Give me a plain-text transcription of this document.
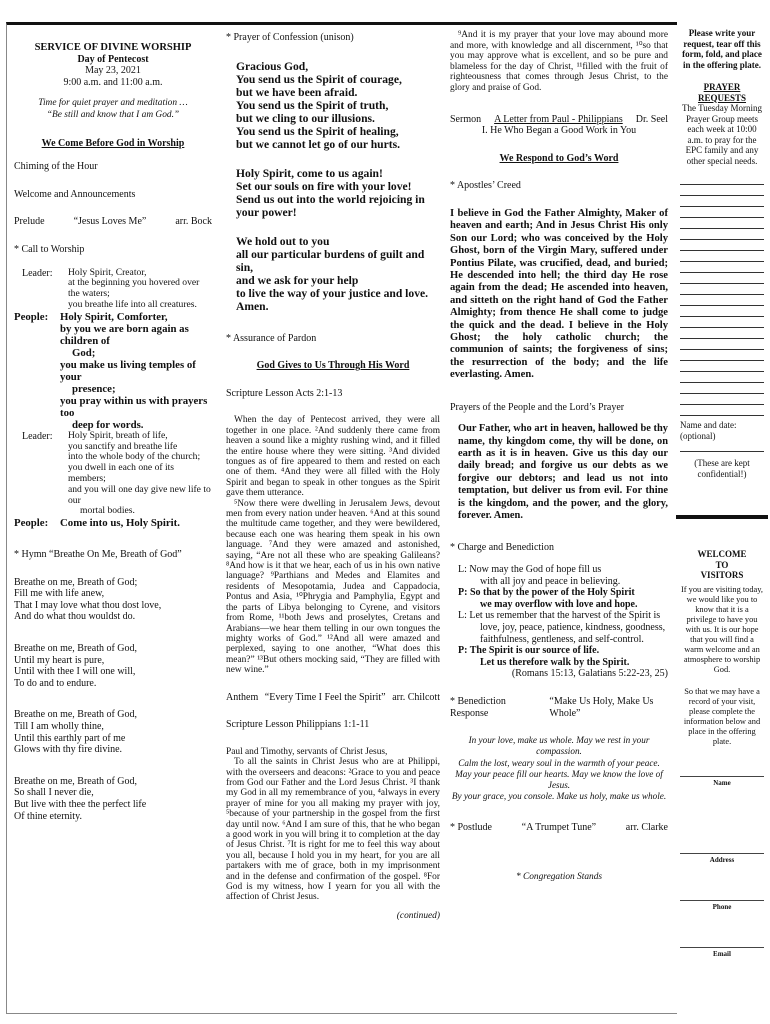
SERVICE OF DIVINE WORSHIP
Day of Pentecost
May 23, 2021
9:00 a.m. and 11:00 a.m.
Time for quiet prayer and meditation …
“Be still and know that I am God.”
We Come Before God in Worship
Chiming of the Hour
Welcome and Announcements
Prelude	“Jesus Loves Me”	arr. Bock
* Call to Worship
Leader:	Holy Spirit, Creator,
at the beginning you hovered over the waters;
you breathe life into all creatures.
People:	Holy Spirit, Comforter,
by you we are born again as children of
God;
you make us living temples of your
presence;
you pray within us with prayers too
deep for words.
Leader:	Holy Spirit, breath of life,
you sanctify and breathe life
into the whole body of the church;
you dwell in each one of its members;
and you will one day give new life to our
mortal bodies.
People:	Come into us, Holy Spirit.
* Hymn “Breathe On Me, Breath of God”
Breathe on me, Breath of God;
Fill me with life anew,
That I may love what thou dost love,
And do what thou wouldst do.
Breathe on me, Breath of God,
Until my heart is pure,
Until with thee I will one will,
To do and to endure.
Breathe on me, Breath of God,
Till I am wholly thine,
Until this earthly part of me
Glows with thy fire divine.
Breathe on me, Breath of God,
So shall I never die,
But live with thee the perfect life
Of thine eternity.
* Prayer of Confession (unison)
Gracious God,
You send us the Spirit of courage,
but we have been afraid.
You send us the Spirit of truth,
but we cling to our illusions.
You send us the Spirit of healing,
but we cannot let go of our hurts.
Holy Spirit, come to us again!
Set our souls on fire with your love!
Send us out into the world rejoicing in your power!
We hold out to you
all our particular burdens of guilt and sin,
and we ask for your help
to live the way of your justice and love. Amen.
* Assurance of Pardon
God Gives to Us Through His Word
Scripture Lesson Acts 2:1-13
When the day of Pentecost arrived, they were all together in one place. ²And suddenly there came from heaven a sound like a mighty rushing wind, and it filled the entire house where they were sitting. ³And divided tongues as of fire appeared to them and rested on each one of them. ⁴And they were all filled with the Holy Spirit and began to speak in other tongues as the Spirit gave them utterance.
⁵Now there were dwelling in Jerusalem Jews, devout men from every nation under heaven. ⁶And at this sound the multitude came together, and they were bewildered, because each one was hearing them speak in his own language. ⁷And they were amazed and astonished, saying, “Are not all these who are speaking Galileans? ⁸And how is it that we hear, each of us in his own native language? ⁹Parthians and Medes and Elamites and residents of Mesopotamia, Judea and Cappadocia, Pontus and Asia, ¹⁰Phrygia and Pamphylia, Egypt and the parts of Libya belonging to Cyrene, and visitors from Rome, ¹¹both Jews and proselytes, Cretans and Arabians—we hear them telling in our own tongues the mighty works of God.” ¹²And all were amazed and perplexed, saying to one another, “What does this mean?” ¹³But others mocking said, “They are filled with new wine.”
Anthem “Every Time I Feel the Spirit” arr. Chilcott
Scripture Lesson Philippians 1:1-11
Paul and Timothy, servants of Christ Jesus,
To all the saints in Christ Jesus who are at Philippi, with the overseers and deacons: ²Grace to you and peace from God our Father and the Lord Jesus Christ. ³I thank my God in all my remembrance of you, ⁴always in every prayer of mine for you all making my prayer with joy, ⁵because of your partnership in the gospel from the first day until now. ⁶And I am sure of this, that he who began a good work in you will bring it to completion at the day of Jesus Christ. ⁷It is right for me to feel this way about you all, because I hold you in my heart, for you are all partakers with me of grace, both in my imprisonment and in the defense and confirmation of the gospel. ⁸For God is my witness, how I yearn for you all with the affection of Christ Jesus.
(continued)
⁹And it is my prayer that your love may abound more and more, with knowledge and all discernment, ¹⁰so that you may approve what is excellent, and so be pure and blameless for the day of Christ, ¹¹filled with the fruit of righteousness that comes through Jesus Christ, to the glory and praise of God.
Sermon A Letter from Paul - Philippians Dr. Seel
I. He Who Began a Good Work in You
We Respond to God’s Word
* Apostles’ Creed
I believe in God the Father Almighty, Maker of heaven and earth; And in Jesus Christ His only Son our Lord; who was conceived by the Holy Ghost, born of the Virgin Mary, suffered under Pontius Pilate, was crucified, dead, and buried; He descended into hell; the third day He rose again from the dead; He ascended into heaven, and sitteth on the right hand of God the Father Almighty; from thence He shall come to judge the quick and the dead. I believe in the Holy Ghost; the holy catholic church; the communion of saints; the forgiveness of sins; the resurrection of the body; and the life everlasting. Amen.
Prayers of the People and the Lord’s Prayer
Our Father, who art in heaven, hallowed be thy name, thy kingdom come, thy will be done, on earth as it is in heaven. Give us this day our daily bread; and forgive us our debts as we forgive our debtors; and lead us not into temptation, but deliver us from evil. For thine is the kingdom, and the power, and the glory, forever. Amen.
* Charge and Benediction
L: Now may the God of hope fill us
with all joy and peace in believing.
P: So that by the power of the Holy Spirit
we may overflow with love and hope.
L: Let us remember that the harvest of the Spirit is
love, joy, peace, patience, kindness, goodness,
faithfulness, gentleness, and self-control.
P: The Spirit is our source of life.
Let us therefore walk by the Spirit.
(Romans 15:13, Galatians 5:22-23, 25)
* Benediction Response
“Make Us Holy, Make Us Whole”
In your love, make us whole. May we rest in your compassion.
Calm the lost, weary soul in the warmth of your peace.
May your peace fill our hearts. May we know the love of Jesus.
By your grace, you console. Make us holy, make us whole.
* Postlude	“A Trumpet Tune”	arr. Clarke
* Congregation Stands
Please write your request, tear off this form, fold, and place in the offering plate.
PRAYER REQUESTS
The Tuesday Morning Prayer Group meets each week at 10:00 a.m. to pray for the EPC family and any other special needs.
Name and date: (optional)
(These are kept confidential!)
WELCOME TO VISITORS
If you are visiting today, we would like you to know that it is a privilege to have you with us. It is our hope that you will find a warm welcome and an atmosphere to worship God.
So that we may have a record of your visit, please complete the information below and place in the offering plate.
Name
Address
Phone
Email
